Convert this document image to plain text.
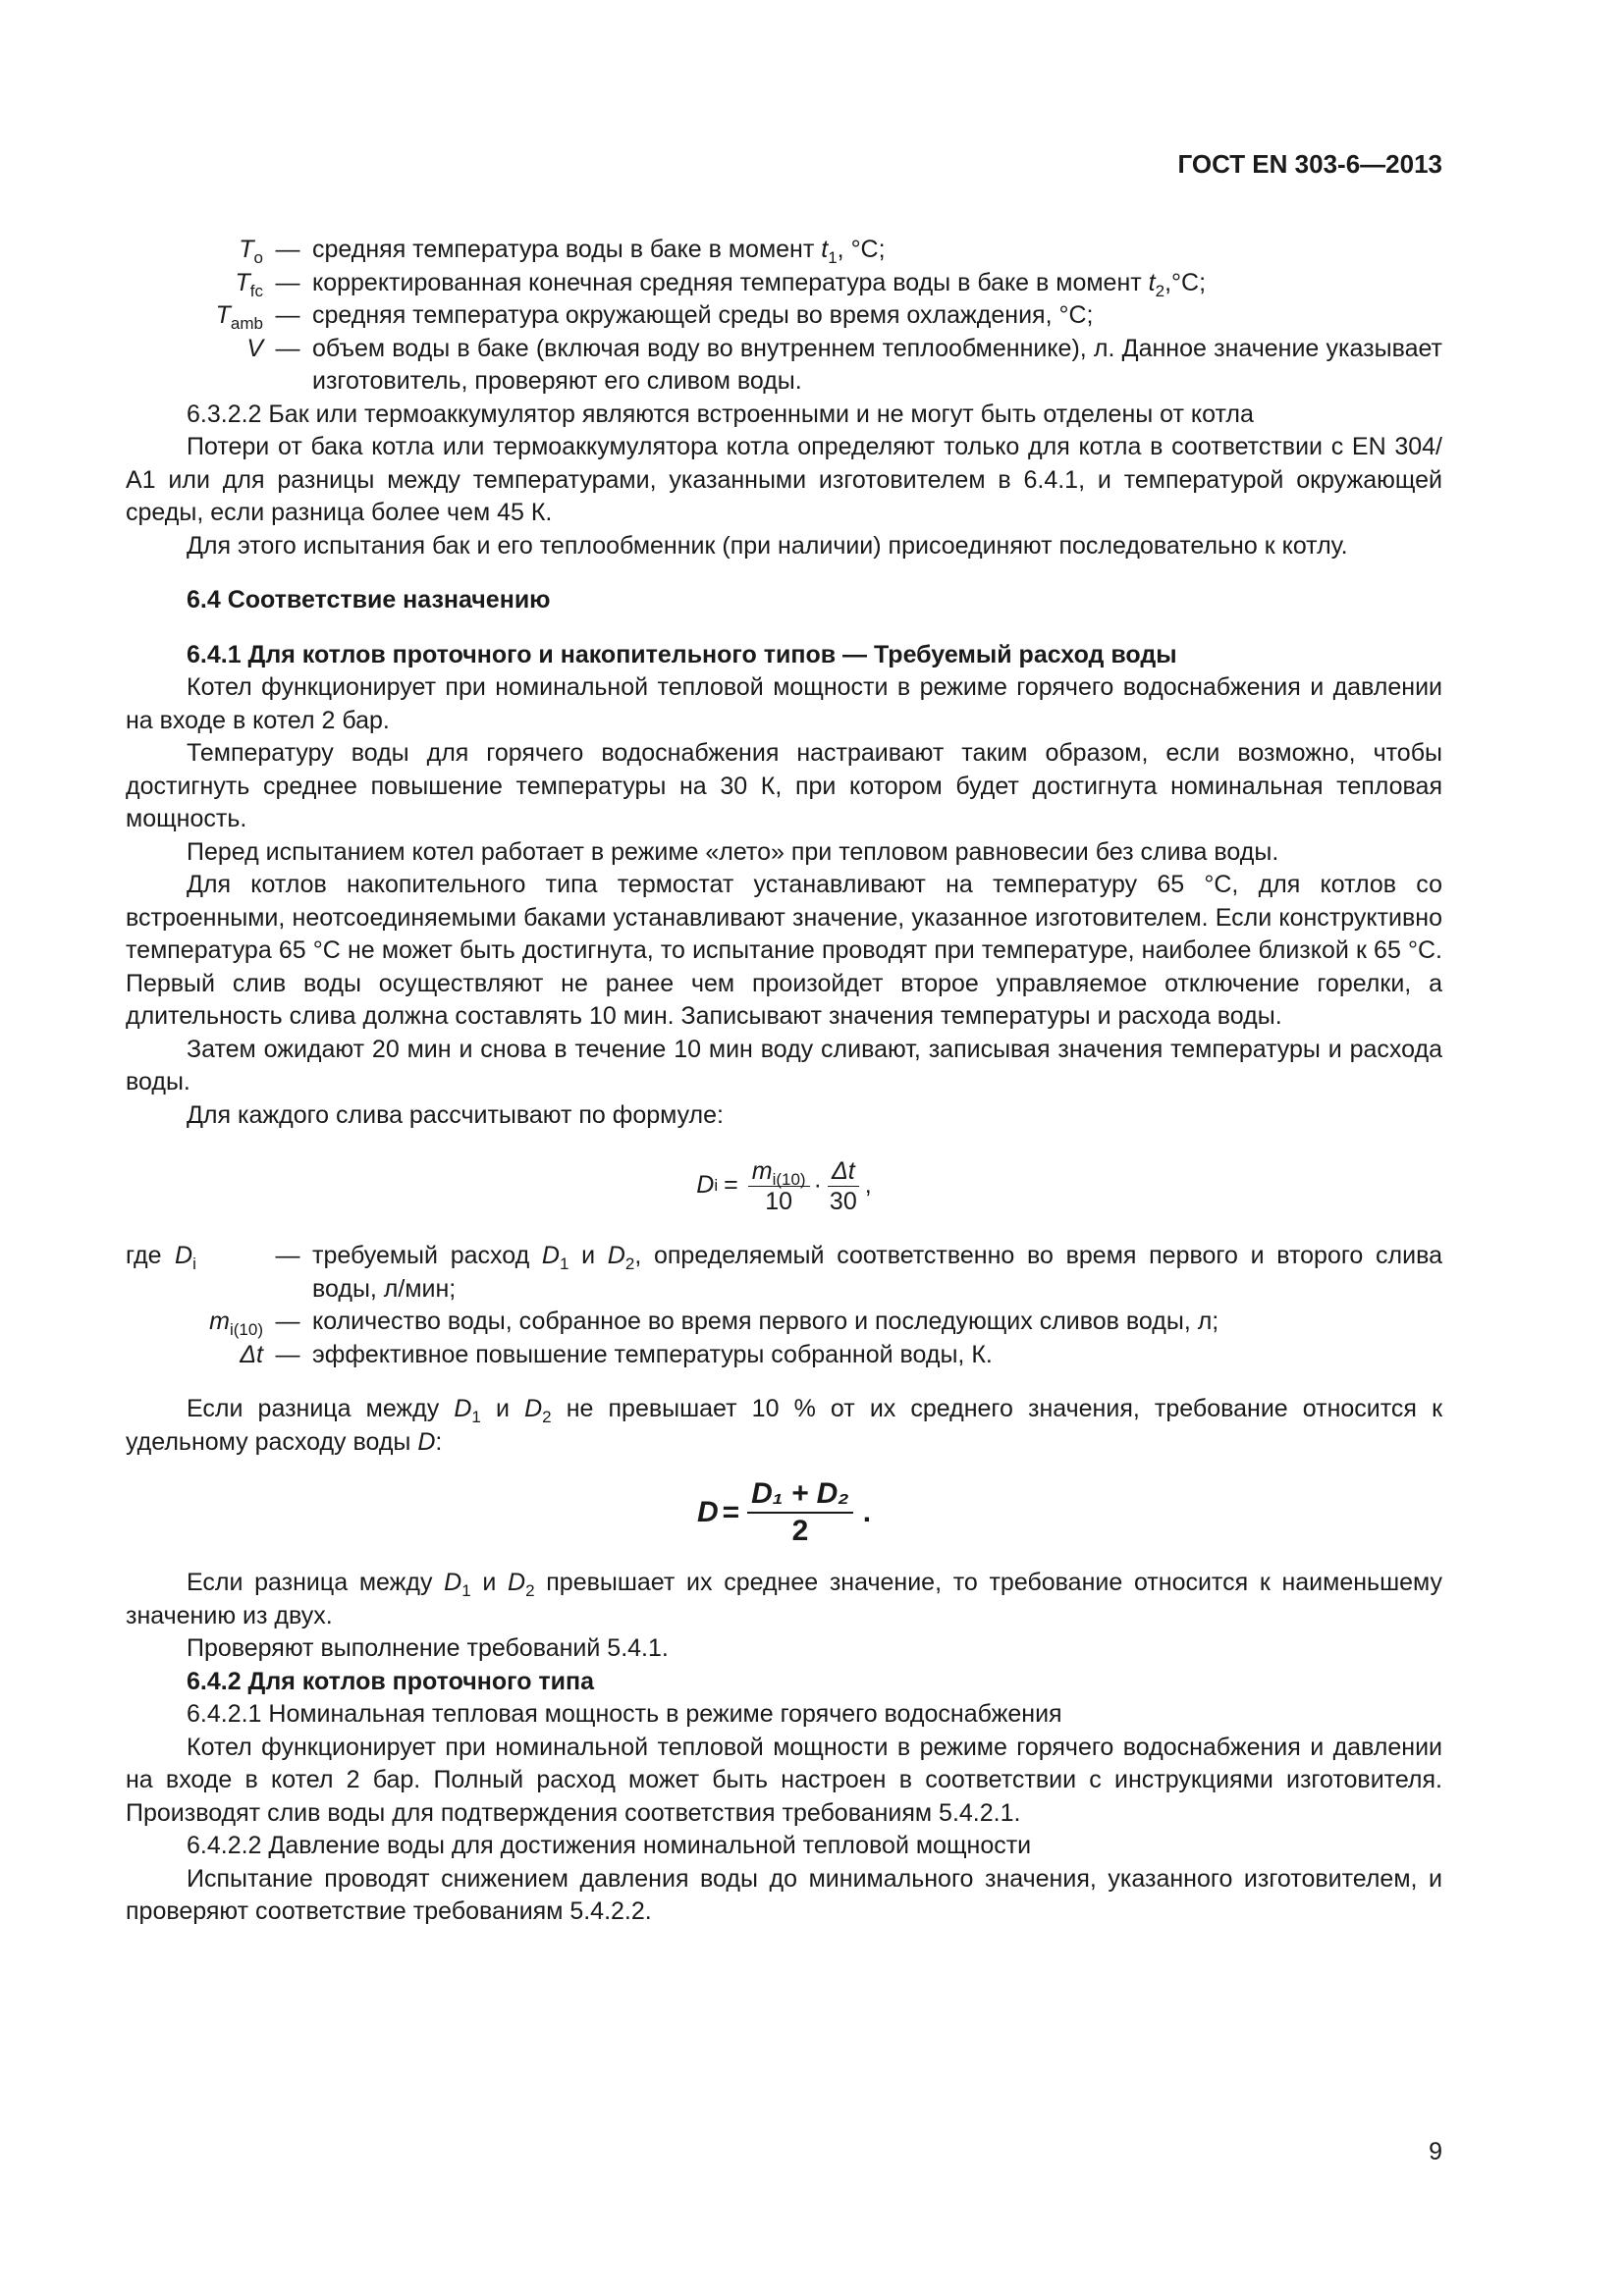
ГОСТ EN 303-6—2013
$T_o$ — средняя температура воды в баке в момент $t_1$, °С;
$T_{fc}$ — корректированная конечная средняя температура воды в баке в момент $t_2,^\circ С$;
$T_{amb}$ — средняя температура окружающей среды во время охлаждения, °С;
V — объем воды в баке (включая воду во внутреннем теплообменнике), л. Данное значение указывает изготовитель, проверяют его сливом воды.

6.3.2.2 Бак или термоаккумулятор являются встроенными и не могут быть отделены от котла

Потери от бака котла или термоаккумулятора котла определяют только для котла в соответствии с EN 304/А1 или для разницы между температурами, указанными изготовителем в 6.4.1, и температурой окружающей среды, если разница более чем 45 К.

Для этого испытания бак и его теплообменник (при наличии) присоединяют последовательно к котлу.

6.4 Соответствие назначению

6.4.1 Для котлов проточного и накопительного типов — Требуемый расход воды

Котел функционирует при номинальной тепловой мощности в режиме горячего водоснабжения и давлении на входе в котел 2 бар.

Температуру воды для горячего водоснабжения настраивают таким образом, если возможно, чтобы достигнуть среднее повышение температуры на 30 К, при котором будет достигнута номинальная тепловая мощность.

Перед испытанием котел работает в режиме «лето» при тепловом равновесии без слива воды.

Для котлов накопительного типа термостат устанавливают на температуру 65 °С, для котлов со встроенными, неотсоединяемыми баками устанавливают значение, указанное изготовителем. Если конструктивно температура 65 °С не может быть достигнута, то испытание проводят при температуре, наиболее близкой к 65 °С. Первый слив воды осуществляют не ранее чем произойдет второе управляемое отключение горелки, а длительность слива должна составлять 10 мин. Записывают значения температуры и расхода воды.

Затем ожидают 20 мин и снова в течение 10 мин воду сливают, записывая значения температуры и расхода воды.

Для каждого слива рассчитывают по формуле:

D $i = \frac{m_{i(10)}}{10} \cdot \frac{\Delta t}{30}$ ,
где $D_i$	— требуемый расход $D_1$ и $D_2$, определяемый соответственно во время первого и второго слива воды, л/мин;
$m_{i(10)}$ — количество воды, собранное во время первого и последующих сливов воды, л;
Δt — эффективное повышение температуры собранной воды, К.

Если разница между $D_1$ и $D_2$ не превышает 10 % от их среднего значения, требование относится к удельному расходу воды D:

$D = \frac{\text{D₁ + D₂}}{2}$ .

Если разница между $D_1$ и $D_2$ превышает их среднее значение, то требование относится к наименьшему значению из двух.

Проверяют выполнение требований 5.4.1.

6.4.2 Для котлов проточного типа

6.4.2.1 Номинальная тепловая мощность в режиме горячего водоснабжения

Котел функционирует при номинальной тепловой мощности в режиме горячего водоснабжения и давлении на входе в котел 2 бар. Полный расход может быть настроен в соответствии с инструкциями изготовителя. Производят слив воды для подтверждения соответствия требованиям 5.4.2.1.

6.4.2.2 Давление воды для достижения номинальной тепловой мощности

Испытание проводят снижением давления воды до минимального значения, указанного изготовителем, и проверяют соответствие требованиям 5.4.2.2.

9
